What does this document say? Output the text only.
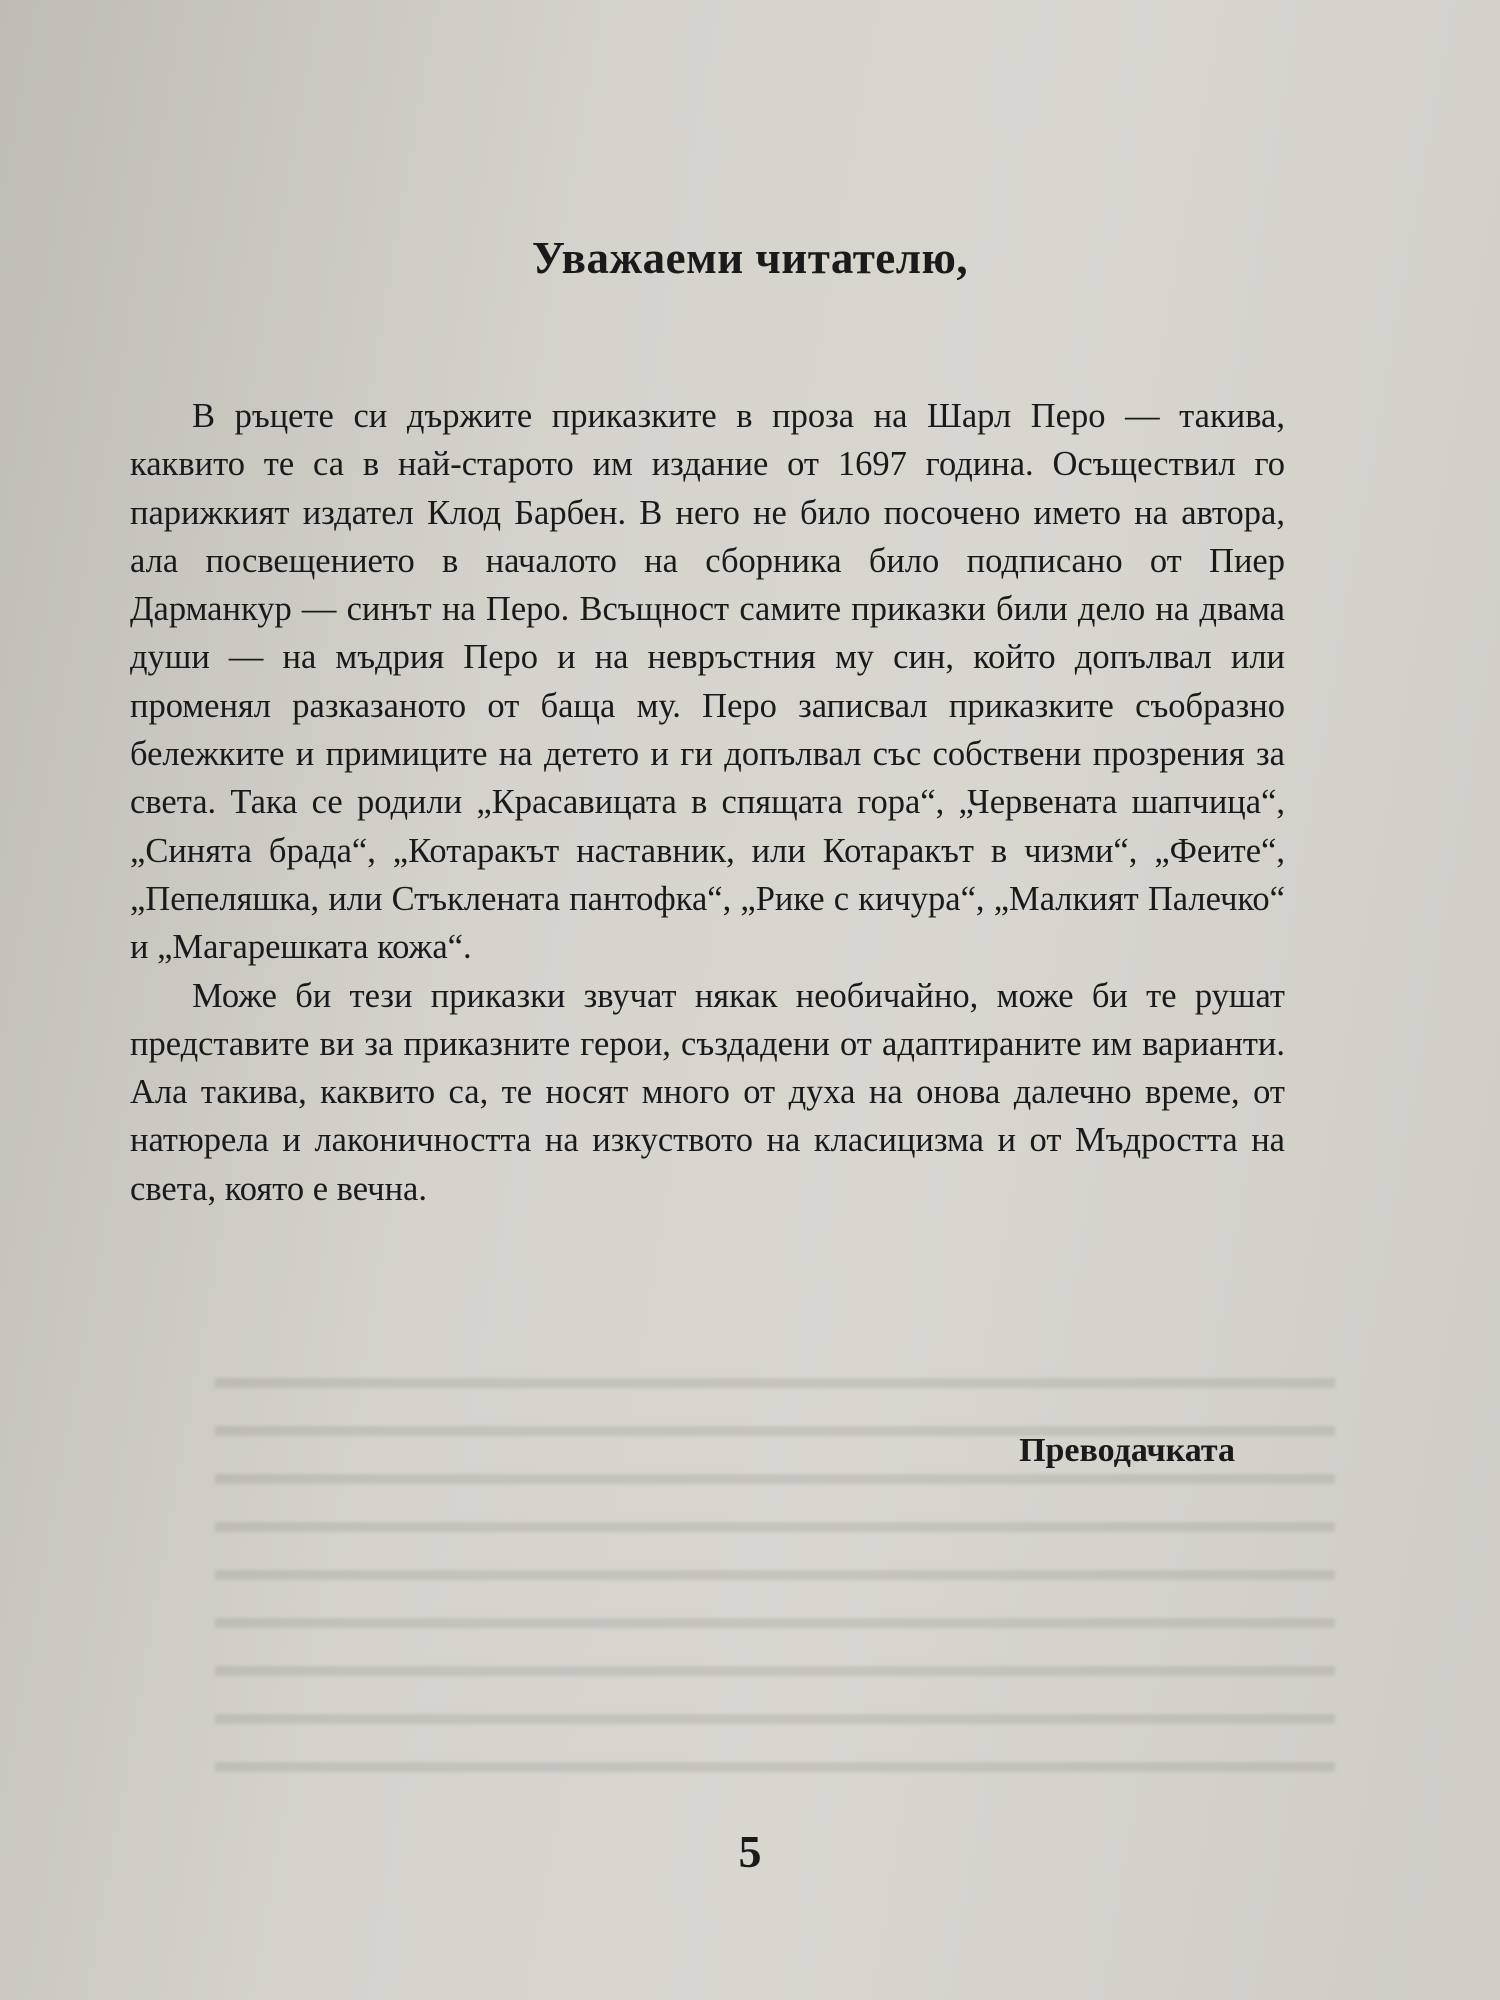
Уважаеми читателю,

В ръцете си държите приказките в проза на Шарл Перо — такива, каквито те са в най-старото им издание от 1697 година. Осъществил го парижкият издател Клод Барбен. В него не било посочено името на автора, ала посвещението в началото на сборника било подписано от Пиер Дарманкур — синът на Перо. Всъщност самите приказки били дело на двама души — на мъдрия Перо и на невръстния му син, който допълвал или променял разказаното от баща му. Перо записвал приказките съобразно бележките и примиците на детето и ги допълвал със собствени прозрения за света. Така се родили „Красавицата в спящата гора“, „Червената шапчица“, „Синята брада“, „Котаракът наставник, или Котаракът в чизми“, „Феите“, „Пепеляшка, или Стъклената пантофка“, „Рике с кичура“, „Малкият Палечко“ и „Магарешката кожа“.

Може би тези приказки звучат някак необичайно, може би те рушат представите ви за приказните герои, създадени от адаптираните им варианти. Ала такива, каквито са, те носят много от духа на онова далечно време, от натюрела и лаконичността на изкуството на класицизма и от Мъдростта на света, която е вечна.

Преводачката

5
